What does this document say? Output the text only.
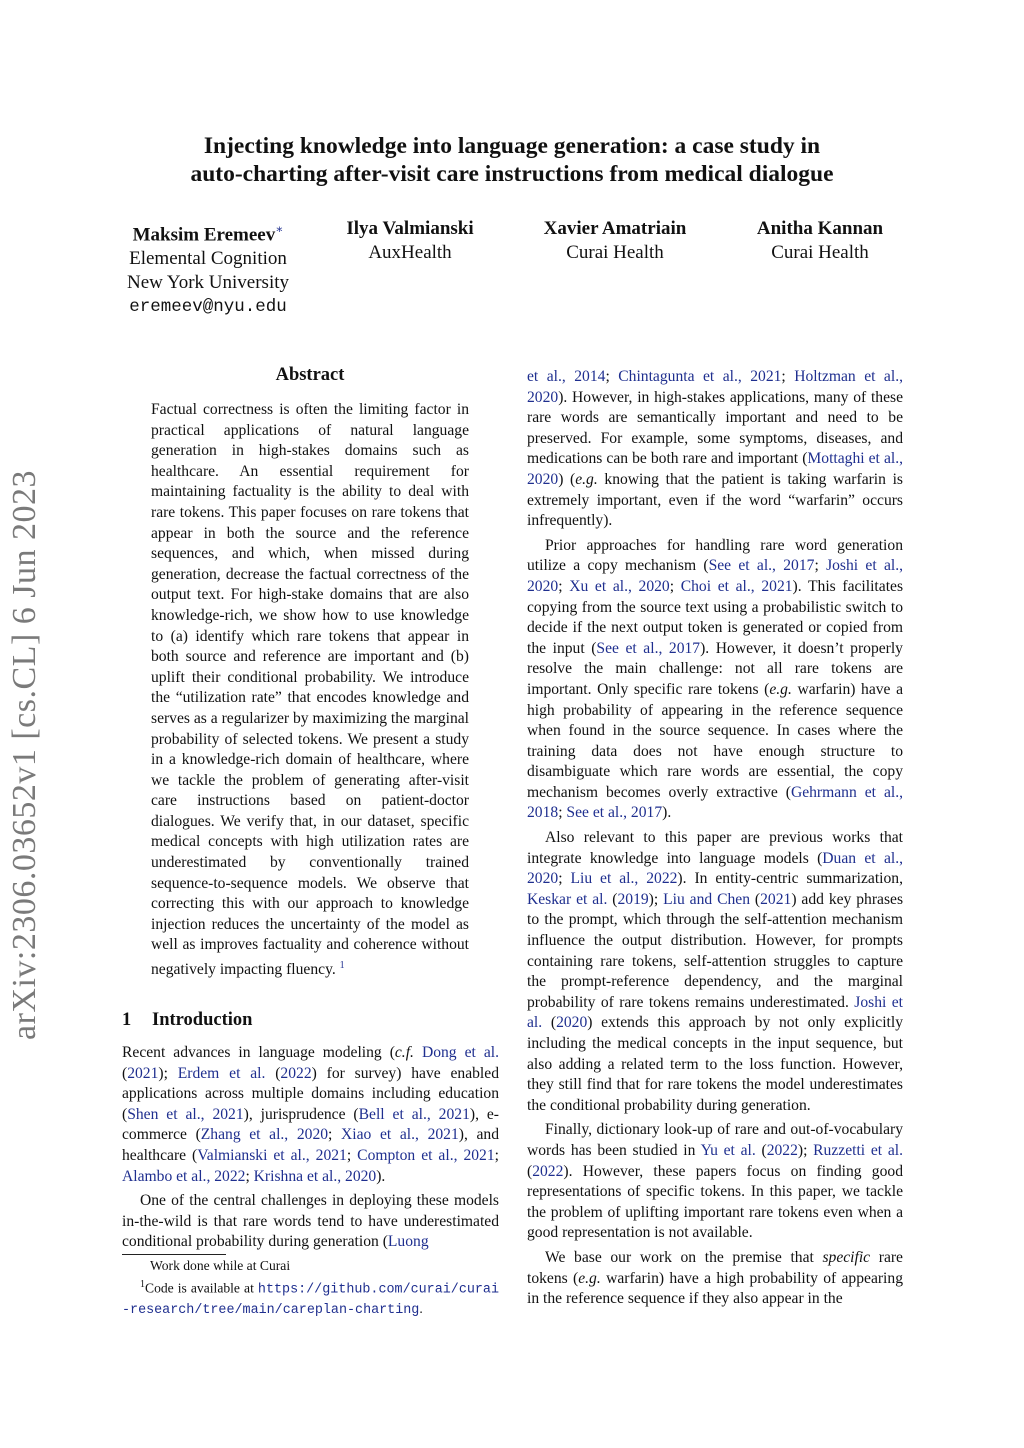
arXiv:2306.03652v1 [cs.CL] 6 Jun 2023
Injecting knowledge into language generation: a case study in
auto-charting after-visit care instructions from medical dialogue
Maksim Eremeev∗
Elemental Cognition
New York University
eremeev@nyu.edu
Ilya Valmianski
AuxHealth
Xavier Amatriain
Curai Health
Anitha Kannan
Curai Health
Abstract

Factual correctness is often the limiting factor in practical applications of natural language generation in high-stakes domains such as healthcare. An essential requirement for maintaining factuality is the ability to deal with rare tokens. This paper focuses on rare tokens that appear in both the source and the reference sequences, and which, when missed during generation, decrease the factual correctness of the output text. For high-stake domains that are also knowledge-rich, we show how to use knowledge to (a) identify which rare tokens that appear in both source and reference are important and (b) uplift their conditional probability. We introduce the “utilization rate” that encodes knowledge and serves as a regularizer by maximizing the marginal probability of selected tokens. We present a study in a knowledge-rich domain of healthcare, where we tackle the problem of generating after-visit care instructions based on patient-doctor dialogues. We verify that, in our dataset, specific medical concepts with high utilization rates are underestimated by conventionally trained sequence-to-sequence models. We observe that correcting this with our approach to knowledge injection reduces the uncertainty of the model as well as improves factuality and coherence without negatively impacting fluency. $^1$

1 Introduction

Recent advances in language modeling (c.f. Dong et al. (2021); Erdem et al. (2022) for survey) have enabled applications across multiple domains including education (Shen et al., 2021), jurisprudence (Bell et al., 2021), e-commerce (Zhang et al., 2020; Xiao et al., 2021), and healthcare (Valmianski et al., 2021; Compton et al., 2021; Alambo et al., 2022; Krishna et al., 2020).

One of the central challenges in deploying these models in-the-wild is that rare words tend to have underestimated conditional probability during generation (Luong

Work done while at Curai
$^1$Code is available at https://github.com/curai/curai-research/tree/main/careplan-charting.

et al., 2014; Chintagunta et al., 2021; Holtzman et al., 2020). However, in high-stakes applications, many of these rare words are semantically important and need to be preserved. For example, some symptoms, diseases, and medications can be both rare and important (Mottaghi et al., 2020) (e.g. knowing that the patient is taking warfarin is extremely important, even if the word “warfarin” occurs infrequently).

Prior approaches for handling rare word generation utilize a copy mechanism (See et al., 2017; Joshi et al., 2020; Xu et al., 2020; Choi et al., 2021). This facilitates copying from the source text using a probabilistic switch to decide if the next output token is generated or copied from the input (See et al., 2017). However, it doesn’t properly resolve the main challenge: not all rare tokens are important. Only specific rare tokens (e.g. warfarin) have a high probability of appearing in the reference sequence when found in the source sequence. In cases where the training data does not have enough structure to disambiguate which rare words are essential, the copy mechanism becomes overly extractive (Gehrmann et al., 2018; See et al., 2017).

Also relevant to this paper are previous works that integrate knowledge into language models (Duan et al., 2020; Liu et al., 2022). In entity-centric summarization, Keskar et al. (2019); Liu and Chen (2021) add key phrases to the prompt, which through the self-attention mechanism influence the output distribution. However, for prompts containing rare tokens, self-attention struggles to capture the prompt-reference dependency, and the marginal probability of rare tokens remains underestimated. Joshi et al. (2020) extends this approach by not only explicitly including the medical concepts in the input sequence, but also adding a related term to the loss function. However, they still find that for rare tokens the model underestimates the conditional probability during generation.

Finally, dictionary look-up of rare and out-of-vocabulary words has been studied in Yu et al. (2022); Ruzzetti et al. (2022). However, these papers focus on finding good representations of specific tokens. In this paper, we tackle the problem of uplifting important rare tokens even when a good representation is not available.

We base our work on the premise that specific rare tokens (e.g. warfarin) have a high probability of appearing in the reference sequence if they also appear in the
